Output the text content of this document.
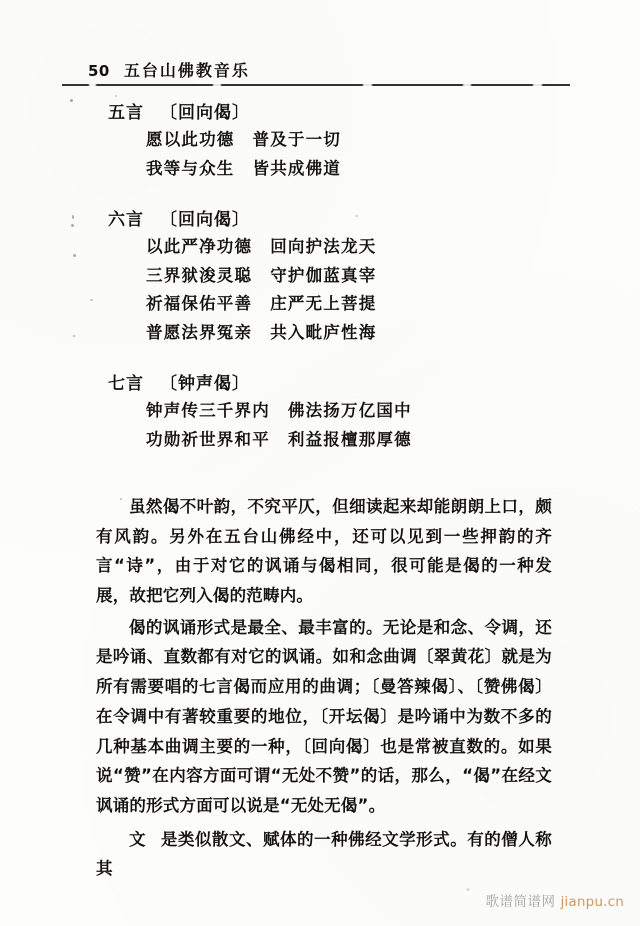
50 五台山佛教音乐
五言 〔回向偈〕
愿以此功德 普及于一切
我等与众生 皆共成佛道
六言 〔回向偈〕
以此严净功德 回向护法龙天
三界狱浚灵聪 守护伽蓝真宰
祈福保佑平善 庄严无上菩提
普愿法界冤亲 共入毗庐性海
七言 〔钟声偈〕
钟声传三千界内 佛法扬万亿国中
功勋祈世界和平 利益报檀那厚德

虽然偈不叶韵，不究平仄，但细读起来却能朗朗上口，颇有风韵。另外在五台山佛经中，还可以见到一些押韵的齐言“诗”，由于对它的讽诵与偈相同，很可能是偈的一种发展，故把它列入偈的范畴内。

偈的讽诵形式是最全、最丰富的。无论是和念、令调，还是吟诵、直数都有对它的讽诵。如和念曲调〔翠黄花〕就是为所有需要唱的七言偈而应用的曲调；〔曼答辣偈〕、〔赞佛偈〕在令调中有著较重要的地位，〔开坛偈〕是吟诵中为数不多的几种基本曲调主要的一种，〔回向偈〕也是常被直数的。如果说“赞”在内容方面可谓“无处不赞”的话，那么，“偈”在经文讽诵的形式方面可以说是“无处无偈”。

文 是类似散文、赋体的一种佛经文学形式。有的僧人称其

歌谱简谱网 jianpu.cn
